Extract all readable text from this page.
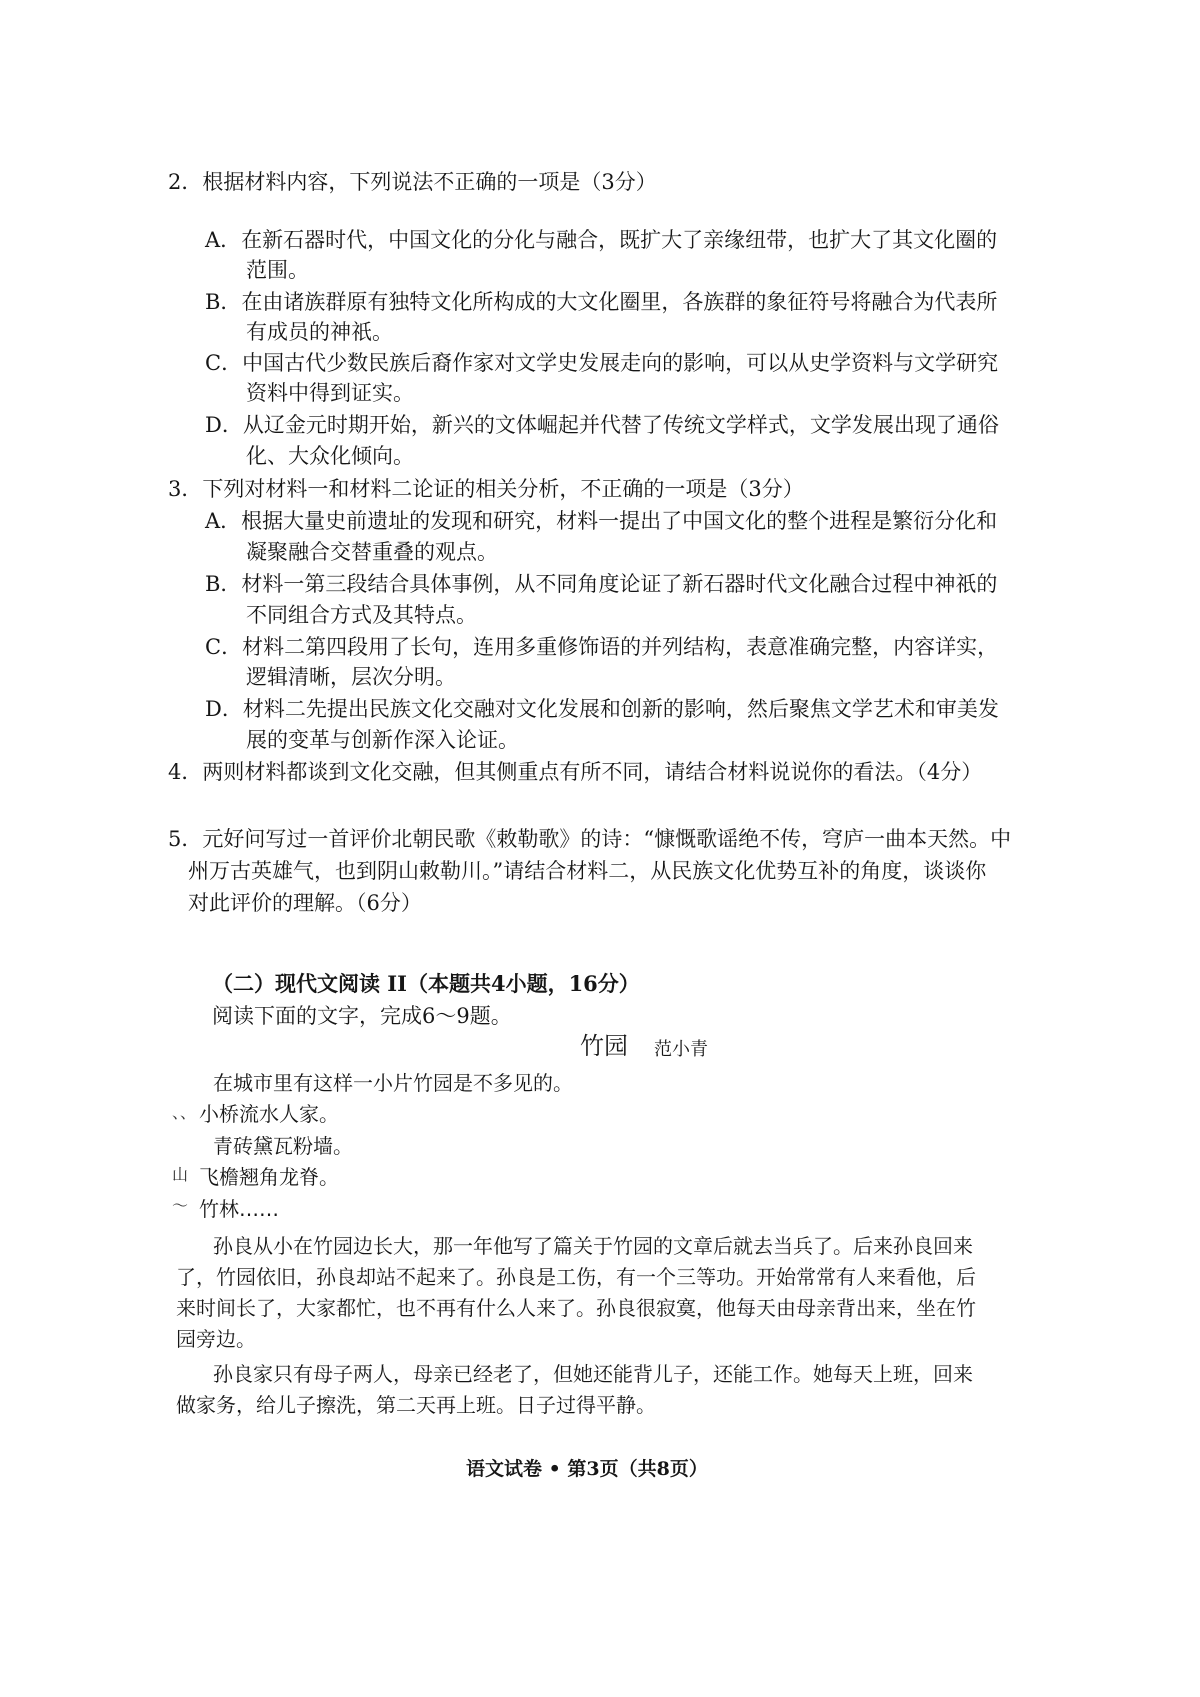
2．根据材料内容，下列说法不正确的一项是（3分）
A．在新石器时代，中国文化的分化与融合，既扩大了亲缘纽带，也扩大了其文化圈的
范围。
B．在由诸族群原有独特文化所构成的大文化圈里，各族群的象征符号将融合为代表所
有成员的神祇。
C．中国古代少数民族后裔作家对文学史发展走向的影响，可以从史学资料与文学研究
资料中得到证实。
D．从辽金元时期开始，新兴的文体崛起并代替了传统文学样式，文学发展出现了通俗
化、大众化倾向。
3．下列对材料一和材料二论证的相关分析，不正确的一项是（3分）
A．根据大量史前遗址的发现和研究，材料一提出了中国文化的整个进程是繁衍分化和
凝聚融合交替重叠的观点。
B．材料一第三段结合具体事例，从不同角度论证了新石器时代文化融合过程中神祇的
不同组合方式及其特点。
C．材料二第四段用了长句，连用多重修饰语的并列结构，表意准确完整，内容详实，
逻辑清晰，层次分明。
D．材料二先提出民族文化交融对文化发展和创新的影响，然后聚焦文学艺术和审美发
展的变革与创新作深入论证。
4．两则材料都谈到文化交融，但其侧重点有所不同，请结合材料说说你的看法。（4分）
5．元好问写过一首评价北朝民歌《敕勒歌》的诗：“慷慨歌谣绝不传，穹庐一曲本天然。中
州万古英雄气，也到阴山敕勒川。”请结合材料二，从民族文化优势互补的角度，谈谈你
对此评价的理解。（6分）
（二）现代文阅读 II（本题共4小题，16分）
阅读下面的文字，完成6～9题。
竹园 范小青
在城市里有这样一小片竹园是不多见的。
、、 小桥流水人家。
青砖黛瓦粉墙。
山 飞檐翘角龙脊。
〜 竹林……
孙良从小在竹园边长大，那一年他写了篇关于竹园的文章后就去当兵了。后来孙良回来
了，竹园依旧，孙良却站不起来了。孙良是工伤，有一个三等功。开始常常有人来看他，后
来时间长了，大家都忙，也不再有什么人来了。孙良很寂寞，他每天由母亲背出来，坐在竹
园旁边。
孙良家只有母子两人，母亲已经老了，但她还能背儿子，还能工作。她每天上班，回来
做家务，给儿子擦洗，第二天再上班。日子过得平静。
语文试卷 • 第3页（共8页）
